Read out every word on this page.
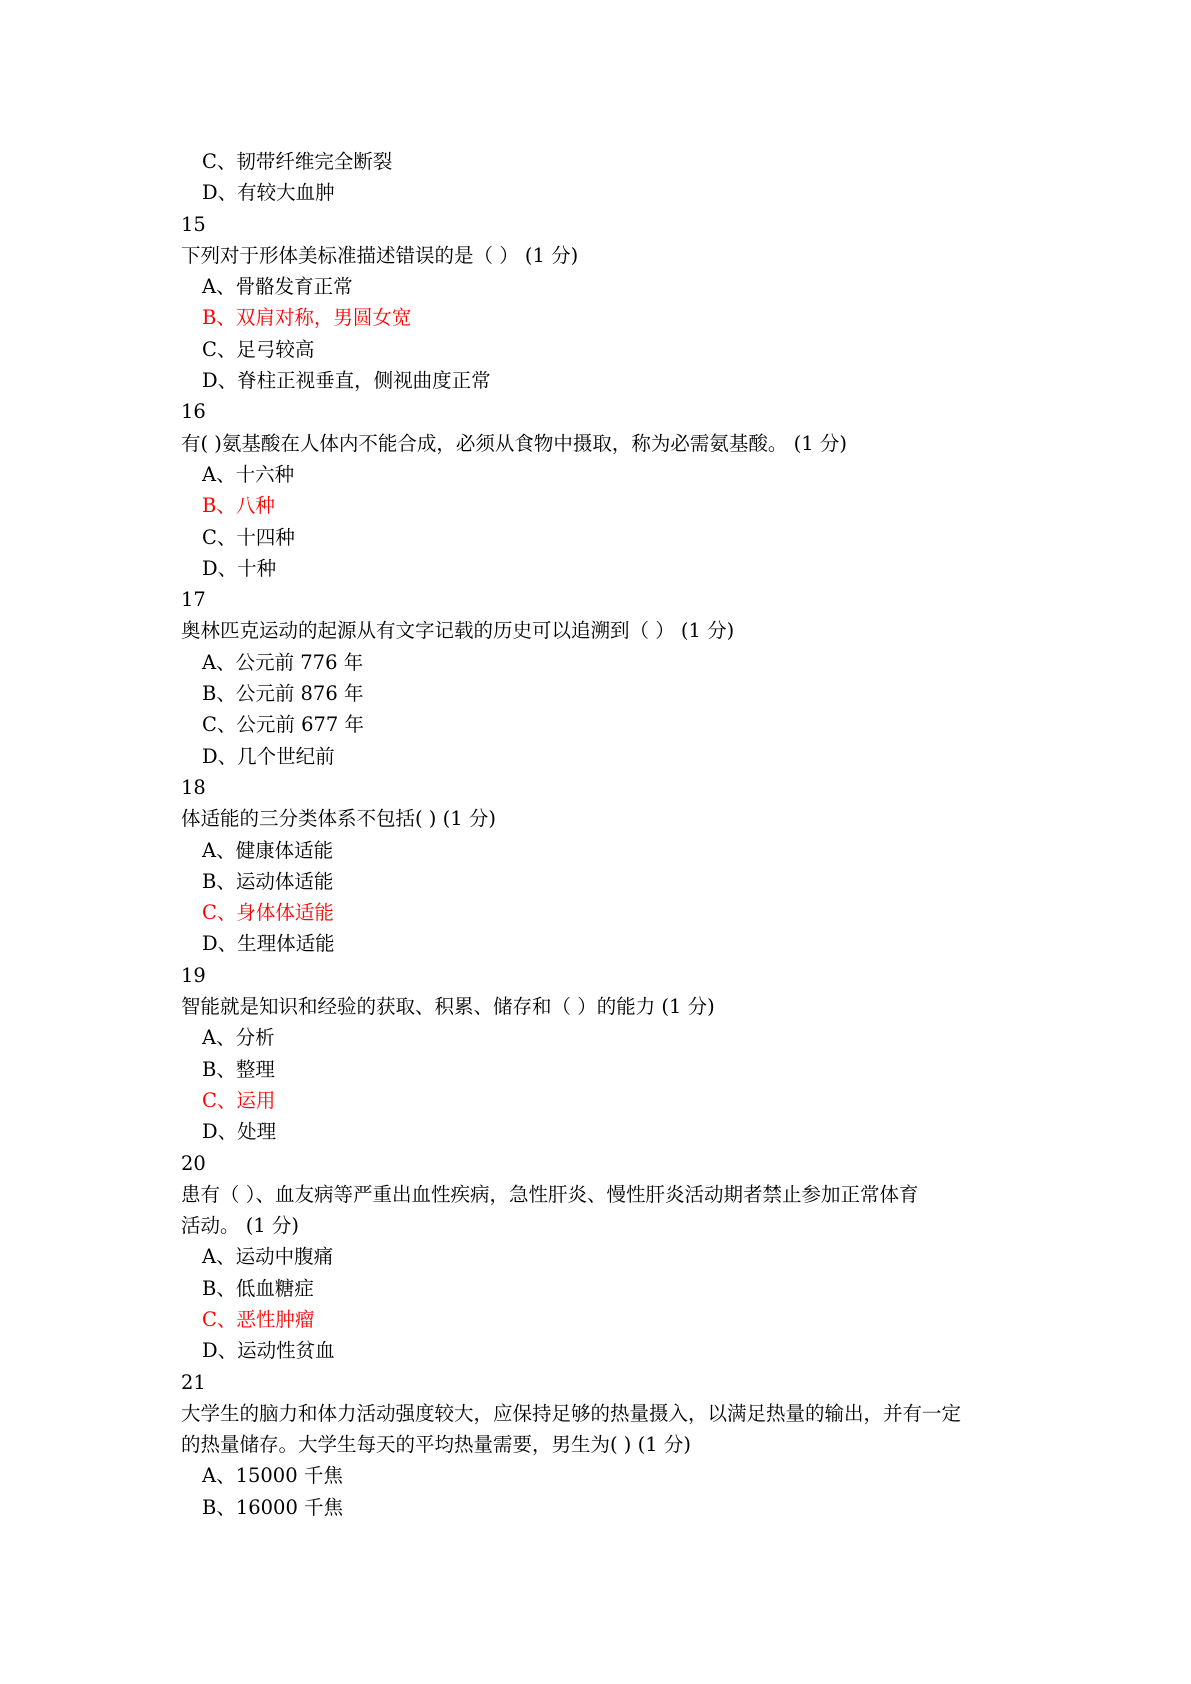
C、韧带纤维完全断裂
D、有较大血肿
15
下列对于形体美标准描述错误的是（ ） (1 分)
A、骨骼发育正常
B、双肩对称，男圆女宽
C、足弓较高
D、脊柱正视垂直，侧视曲度正常
16
有( )氨基酸在人体内不能合成，必须从食物中摄取，称为必需氨基酸。 (1 分)
A、十六种
B、八种
C、十四种
D、十种
17
奥林匹克运动的起源从有文字记载的历史可以追溯到（ ） (1 分)
A、公元前 776 年
B、公元前 876 年
C、公元前 677 年
D、几个世纪前
18
体适能的三分类体系不包括( ) (1 分)
A、健康体适能
B、运动体适能
C、身体体适能
D、生理体适能
19
智能就是知识和经验的获取、积累、储存和（ ）的能力 (1 分)
A、分析
B、整理
C、运用
D、处理
20
患有（ ）、血友病等严重出血性疾病，急性肝炎、慢性肝炎活动期者禁止参加正常体育
活动。 (1 分)
A、运动中腹痛
B、低血糖症
C、恶性肿瘤
D、运动性贫血
21
大学生的脑力和体力活动强度较大，应保持足够的热量摄入，以满足热量的输出，并有一定
的热量储存。大学生每天的平均热量需要，男生为( ) (1 分)
A、15000 千焦
B、16000 千焦
